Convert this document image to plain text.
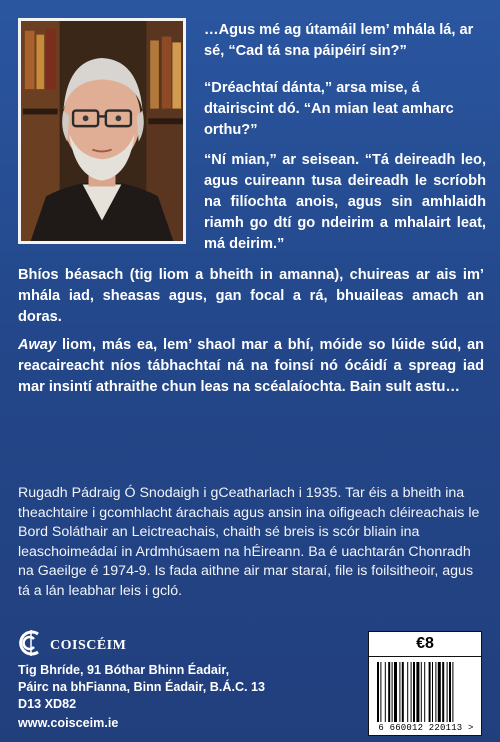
…Agus mé ag útamáil lem’ mhála lá, ar sé, “Cad tá sna páipéirí sin?”

“Dréachtaí dánta,” arsa mise, á dtairiscint dó. “An mian leat amharc orthu?”

“Ní mian,” ar seisean. “Tá deireadh leo, agus cuireann tusa deireadh le scríobh na filíochta anois, agus sin amhlaidh riamh go dtí go ndeirim a mhalairt leat, má deirim.”

Bhíos béasach (tig liom a bheith in amanna), chuireas ar ais im’ mhála iad, sheasas agus, gan focal a rá, bhuaileas amach an doras.

Away liom, más ea, lem’ shaol mar a bhí, móide so lúide súd, an reacaireacht níos tábhachtaí ná na foinsí nó ócáidí a spreag iad mar insintí athraithe chun leas na scéalaíochta. Bain sult astu…

Rugadh Pádraig Ó Snodaigh i gCeatharlach i 1935. Tar éis a bheith ina theachtaire i gcomhlacht árachais agus ansin ina oifigeach cléireachais le Bord Soláthair an Leictreachais, chaith sé breis is scór bliain ina leaschoimeádaí in Ardmhúsaem na hÉireann. Ba é uachtarán Chonradh na Gaeilge é 1974-9. Is fada aithne air mar staraí, file is foilsitheoir, agus tá a lán leabhar leis i gcló.

COISCÉIM

Tig Bhríde, 91 Bóthar Bhinn Éadair,
Páirc na bhFianna, Binn Éadair, B.Á.C. 13
D13 XD82

www.coisceim.ie
€8
6 660012 220113 >
